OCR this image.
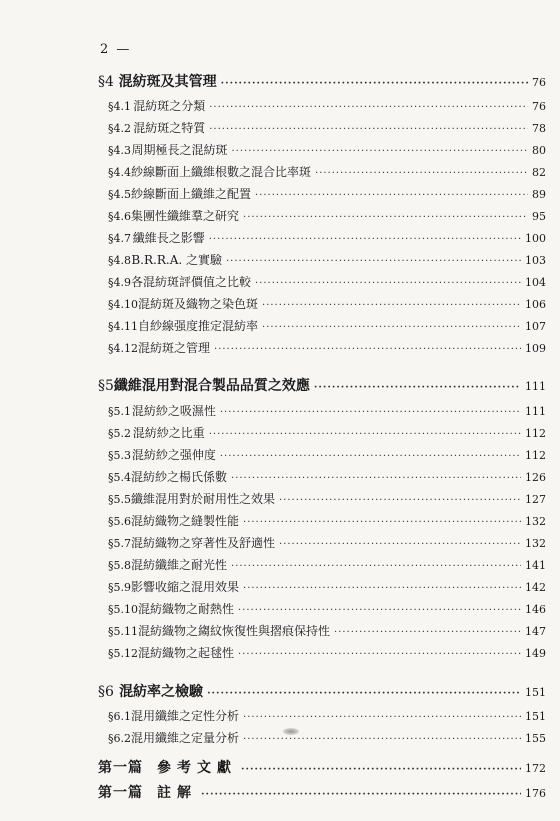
2 —
§4 混紡斑及其管理 ·····	76
§4.1 混紡斑之分類 ·····	76
§4.2 混紡斑之特質 ·····	78
§4.3 周期極長之混紡斑 ·····	80
§4.4 紗線斷面上纖維根數之混合比率斑 ·····	82
§4.5 紗線斷面上纖維之配置 ·····	89
§4.6 集團性纖維羣之研究 ·····	95
§4.7 纖維長之影響 ·····	100
§4.8 B.R.R.A. 之實驗 ·····	103
§4.9 各混紡斑評價值之比較 ·····	104
§4.10 混紡斑及織物之染色斑 ·····	106
§4.11 自紗線强度推定混紡率 ·····	107
§4.12 混紡斑之管理 ·····	109
§5 纖維混用對混合製品品質之效應 ·····	111
§5.1 混紡紗之吸濕性 ·····	111
§5.2 混紡紗之比重 ·····	112
§5.3 混紡紗之强伸度 ·····	112
§5.4 混紡紗之楊氏係數 ·····	126
§5.5 纖維混用對於耐用性之效果 ·····	127
§5.6 混紡織物之縫製性能 ·····	132
§5.7 混紡織物之穿著性及舒適性 ·····	132
§5.8 混紡纖維之耐光性 ·····	141
§5.9 影響收縮之混用效果 ·····	142
§5.10 混紡織物之耐熱性 ·····	146
§5.11 混紡織物之縐紋恢復性與摺痕保持性 ·····	147
§5.12 混紡織物之起毬性 ·····	149
§6 混紡率之檢驗 ·····	151
§6.1 混用纖維之定性分析 ·····	151
§6.2 混用纖維之定量分析 ·····	155
第一篇 參考文獻 ·····	172
第一篇 註解 ·····	176
